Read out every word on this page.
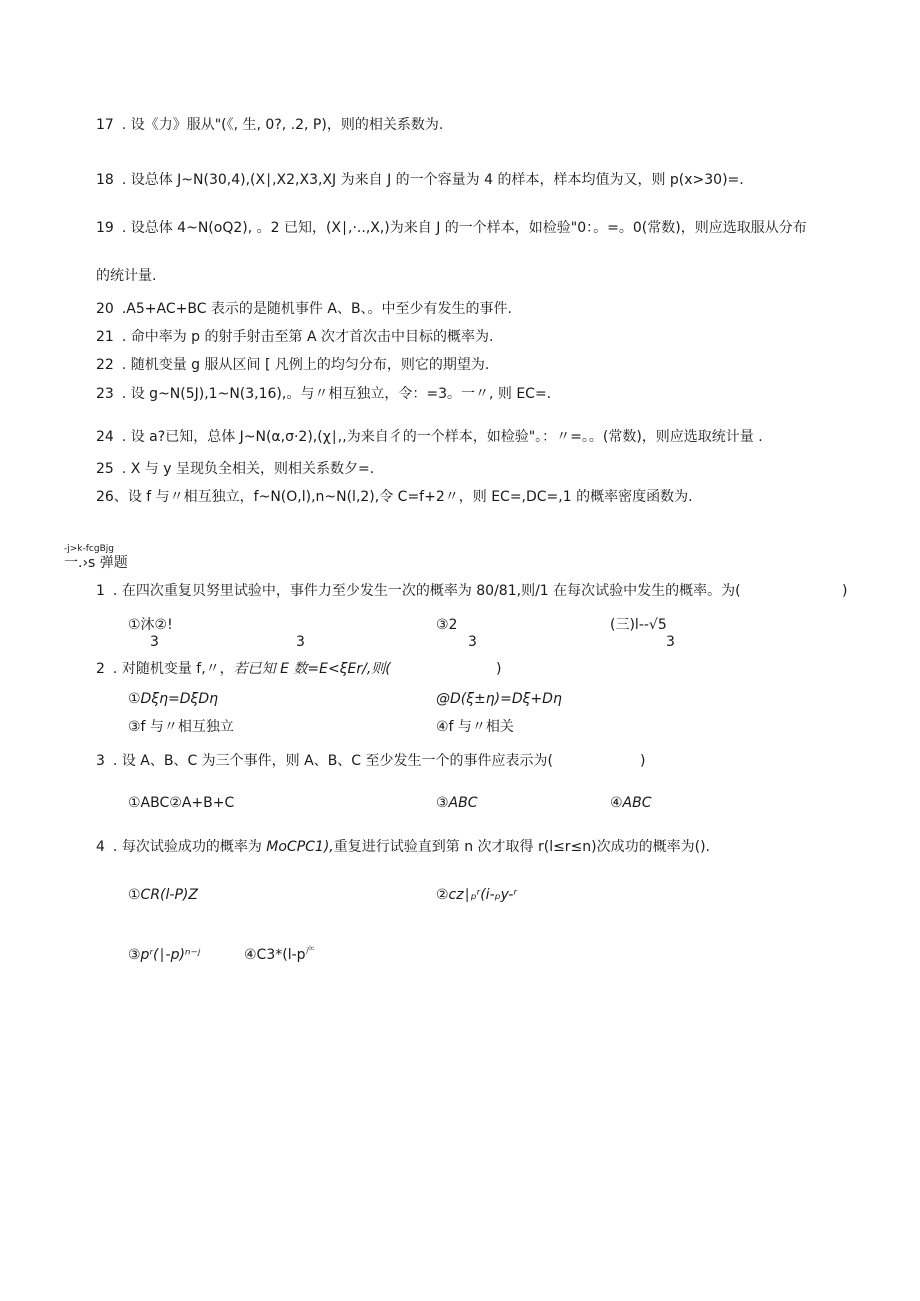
17 . 设《力》服从"(《, 生, 0?, .2, P)，则的相关系数为.
18 . 设总体 J~N(30,4),(X∣,X2,X3,XJ 为来自 J 的一个容量为 4 的样本，样本均值为又，则 p(x>30)=.
19 . 设总体 4~N(oQ2), 。2 已知，(X∣,·..,X,)为来自 J 的一个样本，如检验"0：。=。0(常数)，则应选取服从分布
的统计量.
20 .A5+AC+BC 表示的是随机事件 A、B、。中至少有发生的事件.
21 . 命中率为 p 的射手射击至第 A 次才首次击中目标的概率为.
22 . 随机变量 g 服从区间 [ 凡例上的均匀分布，则它的期望为.
23 . 设 g~N(5J),1~N(3,16),。与〃相互独立，令：=3。一〃, 则 EC=.
24 . 设 a?已知，总体 J~N(α,σ·2),(χ∣,,为来自彳的一个样本，如检验"。：〃=。。(常数)，则应选取统计量 .
25 . X 与 y 呈现负全相关，则相关系数夕=.
26、设 f 与〃相互独立，f~N(O,l),n~N(l,2),令 C=f+2〃，则 EC=,DC=,1 的概率密度函数为.
-j>k-fcgBjg
一.›s 弹题
1 . 在四次重复贝努里试验中，事件力至少发生一次的概率为 80/81,则/1 在每次试验中发生的概率。为(	)
①沐②!	③2	(三)l--√5
3	3	3	3
2 . 对随机变量 f,〃，若已知 E 数=E<ξEr/,则(	)
①Dξη=DξDη	@D(ξ±η)=Dξ+Dη
③f 与〃相互独立	④f 与〃相关
3 . 设 A、B、C 为三个事件，则 A、B、C 至少发生一个的事件应表示为(	)
①ABC②A+B+C	③ABC	④ABC
4 . 每次试验成功的概率为 MoCPC1),重复进行试验直到第 n 次才取得 r(l≤r≤n)次成功的概率为().
①CR(l-P)Z	②cz∣ₚʳ(i-ₚy-ʳ
③pʳ(∣-p)ⁿ⁻ʲ	$④C3*(l-p^产$
